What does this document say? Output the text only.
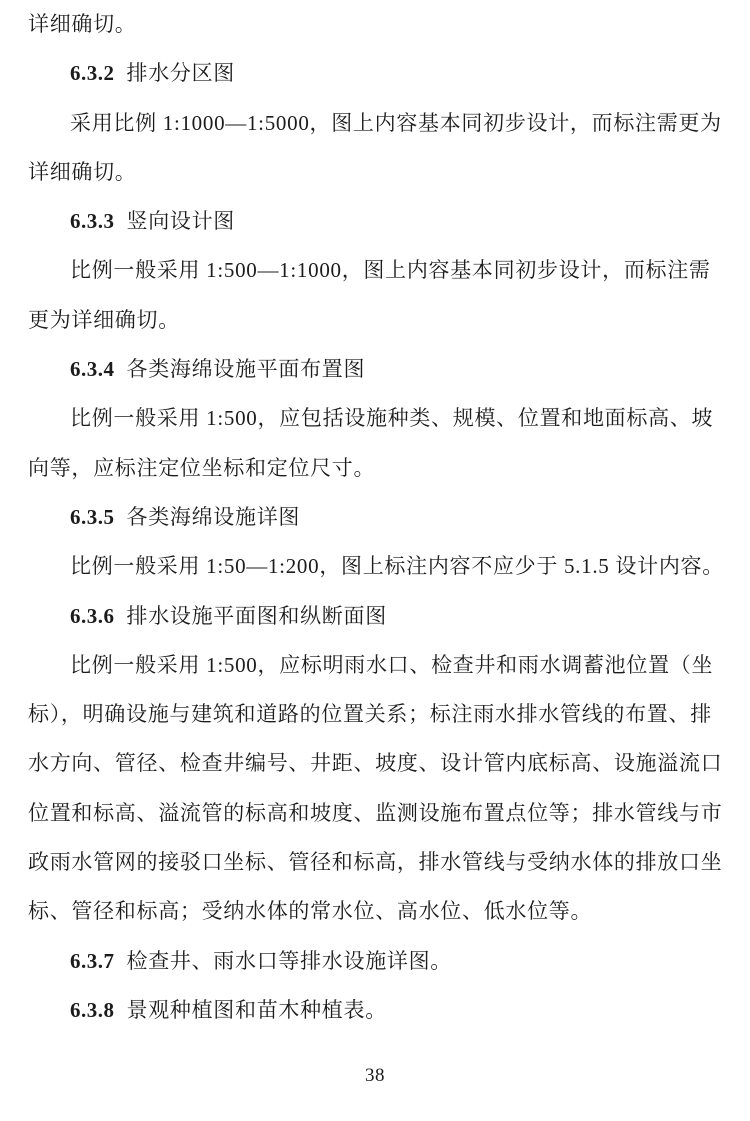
详细确切。
6.3.2 排水分区图
采用比例 1:1000—1:5000，图上内容基本同初步设计，而标注需更为
详细确切。
6.3.3 竖向设计图
比例一般采用 1:500—1:1000，图上内容基本同初步设计，而标注需
更为详细确切。
6.3.4 各类海绵设施平面布置图
比例一般采用 1:500，应包括设施种类、规模、位置和地面标高、坡
向等，应标注定位坐标和定位尺寸。
6.3.5 各类海绵设施详图
比例一般采用 1:50—1:200，图上标注内容不应少于 5.1.5 设计内容。
6.3.6 排水设施平面图和纵断面图
比例一般采用 1:500，应标明雨水口、检查井和雨水调蓄池位置（坐
标），明确设施与建筑和道路的位置关系；标注雨水排水管线的布置、排
水方向、管径、检查井编号、井距、坡度、设计管内底标高、设施溢流口
位置和标高、溢流管的标高和坡度、监测设施布置点位等；排水管线与市
政雨水管网的接驳口坐标、管径和标高，排水管线与受纳水体的排放口坐
标、管径和标高；受纳水体的常水位、高水位、低水位等。
6.3.7 检查井、雨水口等排水设施详图。
6.3.8 景观种植图和苗木种植表。
38
